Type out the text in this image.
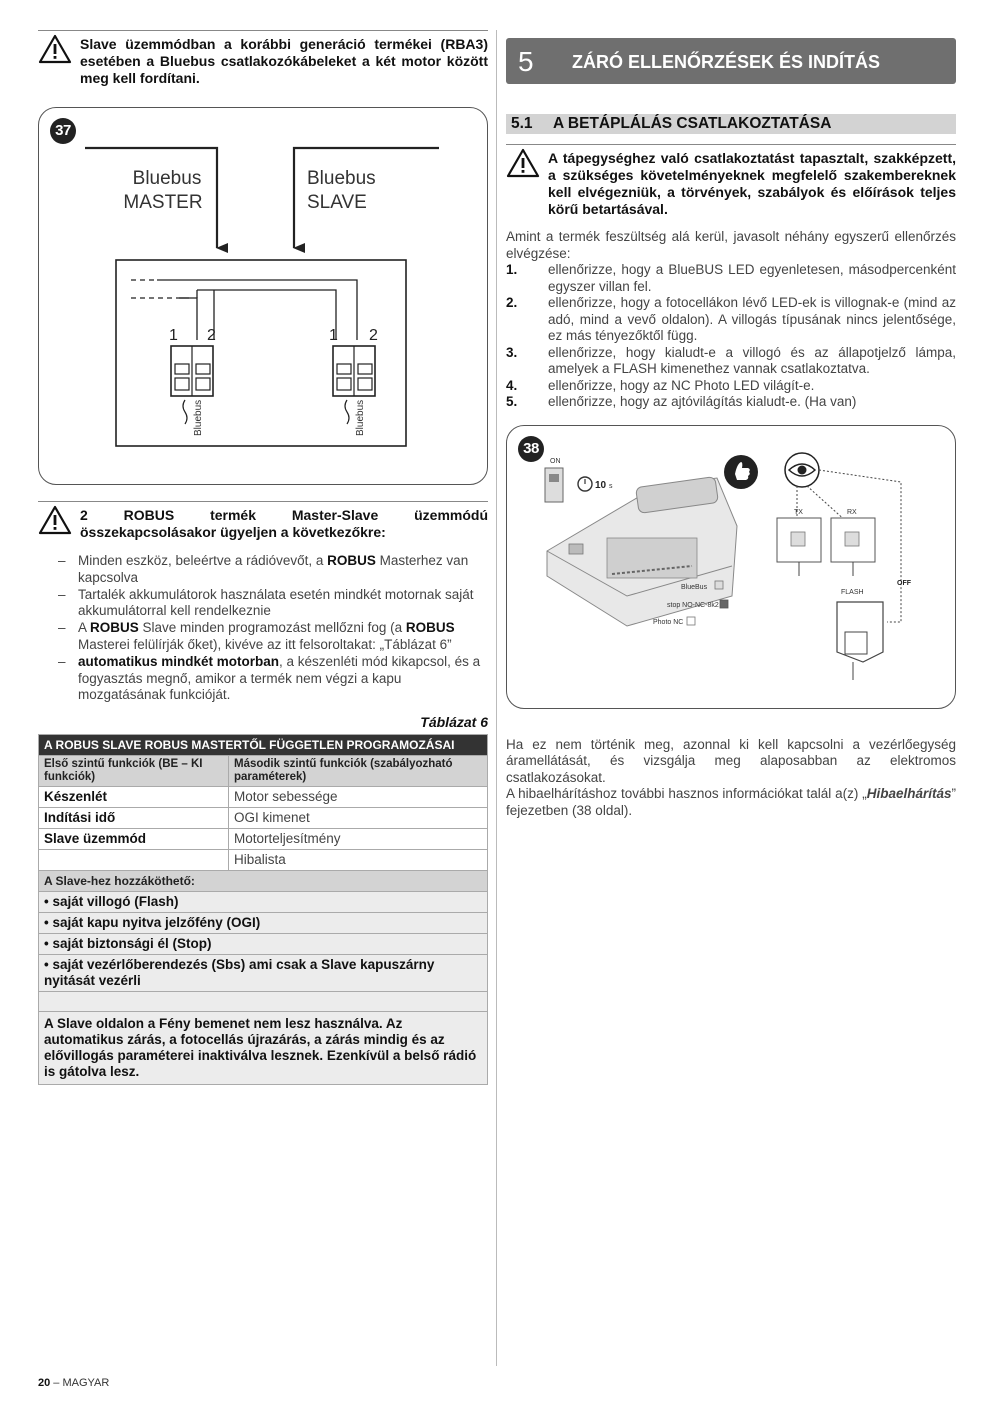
Slave üzemmódban a korábbi generáció termékei (RBA3) esetében a Bluebus csatlakozókábeleket a két motor között meg kell fordítani.

37
Bluebus
MASTER
Bluebus
SLAVE
1 2
Bluebus
1 2
Bluebus

2 ROBUS termék Master-Slave üzemmódú összekapcsolásakor ügyeljen a következőkre:

– Minden eszköz, beleértve a rádióvevőt, a ROBUS Masterhez van kapcsolva
– Tartalék akkumulátorok használata esetén mindkét motornak saját akkumulátorral kell rendelkeznie
– A ROBUS Slave minden programozást mellőzni fog (a ROBUS Masterei felülírják őket), kivéve az itt felsoroltakat: „Táblázat 6”
– automatikus mindkét motorban, a készenléti mód kikapcsol, és a fogyasztás megnő, amikor a termék nem végzi a kapu mozgatásának funkcióját.
Táblázat 6
A ROBUS SLAVE ROBUS MASTERTŐL FÜGGETLEN PROGRAMOZÁSAI	
Első szintű funkciók (BE – KI funkciók)	Második szintű funkciók (szabályozható paraméterek)
Készenlét	Motor sebessége
Indítási idő	OGI kimenet
Slave üzemmód	Motorteljesítmény
	Hibalista
A Slave-hez hozzáköthető:	
• saját villogó (Flash)	
• saját kapu nyitva jelzőfény (OGI)	
• saját biztonsági él (Stop)	
• saját vezérlőberendezés (Sbs) ami csak a Slave kapuszárny nyitását vezérli	

A Slave oldalon a Fény bemenet nem lesz használva. Az automatikus zárás, a fotocellás újrazárás, a zárás mindig és az elővillogás paraméterei inaktiválva lesznek. Ezenkívül a belső rádió is gátolva lesz.	
5 ZÁRÓ ELLENŐRZÉSEK ÉS INDÍTÁS
5.1 A BETÁPLÁLÁS CSATLAKOZTATÁSA

A tápegységhez való csatlakoztatást tapasztalt, szakképzett, a szükséges követelményeknek megfelelő szakembereknek kell elvégezniük, a törvények, szabályok és előírások teljes körű betartásával.

Amint a termék feszültség alá kerül, javasolt néhány egyszerű ellenőrzés elvégzése:

1. ellenőrizze, hogy a BlueBUS LED egyenletesen, másodpercenként egyszer villan fel.
2. ellenőrizze, hogy a fotocellákon lévő LED-ek is villognak-e (mind az adó, mind a vevő oldalon). A villogás típusának nincs jelentősége, ez más tényezőktől függ.
3. ellenőrizze, hogy kialudt-e a villogó és az állapotjelző lámpa, amelyek a FLASH kimenethez vannak csatlakoztatva.
4. ellenőrizze, hogy az NC Photo LED világít-e.
5. ellenőrizze, hogy az ajtóvilágítás kialudt-e. (Ha van)
38
ON
10 s
TX	RX
OFF
FLASH
BlueBus
stop NO-NC-8k2
Photo NC

Ha ez nem történik meg, azonnal ki kell kapcsolni a vezérlőegység áramellátását, és vizsgálja meg alaposabban az elektromos csatlakozásokat.

A hibaelhárításhoz további hasznos információkat talál a(z) „Hibaelhárítás” fejezetben (38 oldal).

20 – MAGYAR
